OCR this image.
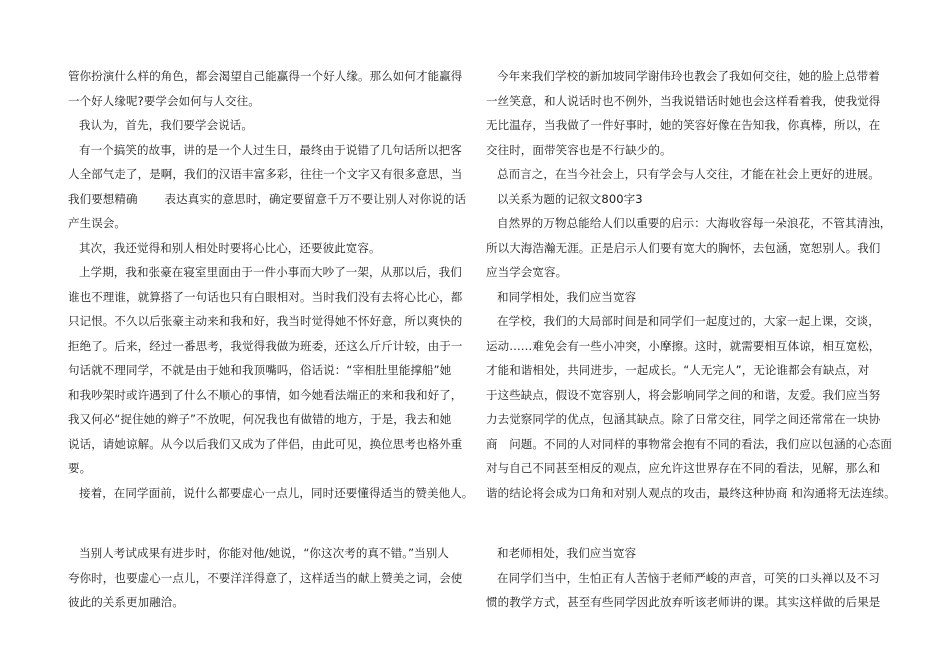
管你扮演什么样的角色，都会渴望自己能赢得一个好人缘。那么如何才能赢得
一个好人缘呢?要学会如何与人交往。
我认为，首先，我们要学会说话。
有一个搞笑的故事，讲的是一个人过生日，最终由于说错了几句话所以把客
人全部气走了，是啊，我们的汉语丰富多彩，往往一个文字又有很多意思，当
我们要想精确　　 表达真实的意思时，确定要留意千万不要让别人对你说的话
产生误会。
其次，我还觉得和别人相处时要将心比心，还要彼此宽容。
上学期，我和张豪在寝室里面由于一件小事而大吵了一架，从那以后，我们
谁也不理谁，就算搭了一句话也只有白眼相对。当时我们没有去将心比心，都
只记恨。不久以后张豪主动来和我和好，我当时觉得她不怀好意，所以爽快的
拒绝了。后来，经过一番思考，我觉得我做为班委，还这么斤斤计较，由于一
句话就不理同学，不就是由于她和我顶嘴吗，俗话说：“宰相肚里能撑船”她
和我吵架时或许遇到了什么不顺心的事情，如今她看法端正的来和我和好了，
我又何必“捉住她的辫子”不放呢，何况我也有做错的地方，于是，我去和她
说话，请她谅解。从今以后我们又成为了伴侣，由此可见，换位思考也格外重
要。
接着，在同学面前，说什么都要虚心一点儿，同时还要懂得适当的赞美他人。
当别人考试成果有进步时，你能对他/她说，“你这次考的真不错。”当别人
夸你时，也要虚心一点儿，不要洋洋得意了，这样适当的献上赞美之词，会使
彼此的关系更加融洽。
今年来我们学校的新加坡同学谢伟玲也教会了我如何交往，她的脸上总带着
一丝笑意，和人说话时也不例外，当我说错话时她也会这样看着我，使我觉得
无比温存，当我做了一件好事时，她的笑容好像在告知我，你真棒，所以，在
交往时，面带笑容也是不行缺少的。
总而言之，在当今社会上，只有学会与人交往，才能在社会上更好的进展。
以关系为题的记叙文800字3
自然界的万物总能给人们以重要的启示：大海收容每一朵浪花，不管其清浊，
所以大海浩瀚无涯。正是启示人们要有宽大的胸怀，去包涵，宽恕别人。我们
应当学会宽容。
和同学相处，我们应当宽容
在学校，我们的大局部时间是和同学们一起度过的，大家一起上课，交谈，
运动……难免会有一些小冲突，小摩擦。这时，就需要相互体谅，相互宽松，
才能和谐相处，共同进步，一起成长。“人无完人”，无论谁都会有缺点，对
于这些缺点，假设不宽容别人，将会影响同学之间的和谐，友爱。我们应当努
力去觉察同学的优点，包涵其缺点。除了日常交往，同学之间还常常在一块协
商　问题。不同的人对同样的事物常会抱有不同的看法，我们应以包涵的心态面
对与自己不同甚至相反的观点，应允许这世界存在不同的看法，见解，那么和
谐的结论将会成为口角和对别人观点的攻击，最终这种协商 和沟通将无法连续。
和老师相处，我们应当宽容
在同学们当中，生怕正有人苦恼于老师严峻的声音，可笑的口头禅以及不习
惯的教学方式，甚至有些同学因此放弃听该老师讲的课。其实这样做的后果是
